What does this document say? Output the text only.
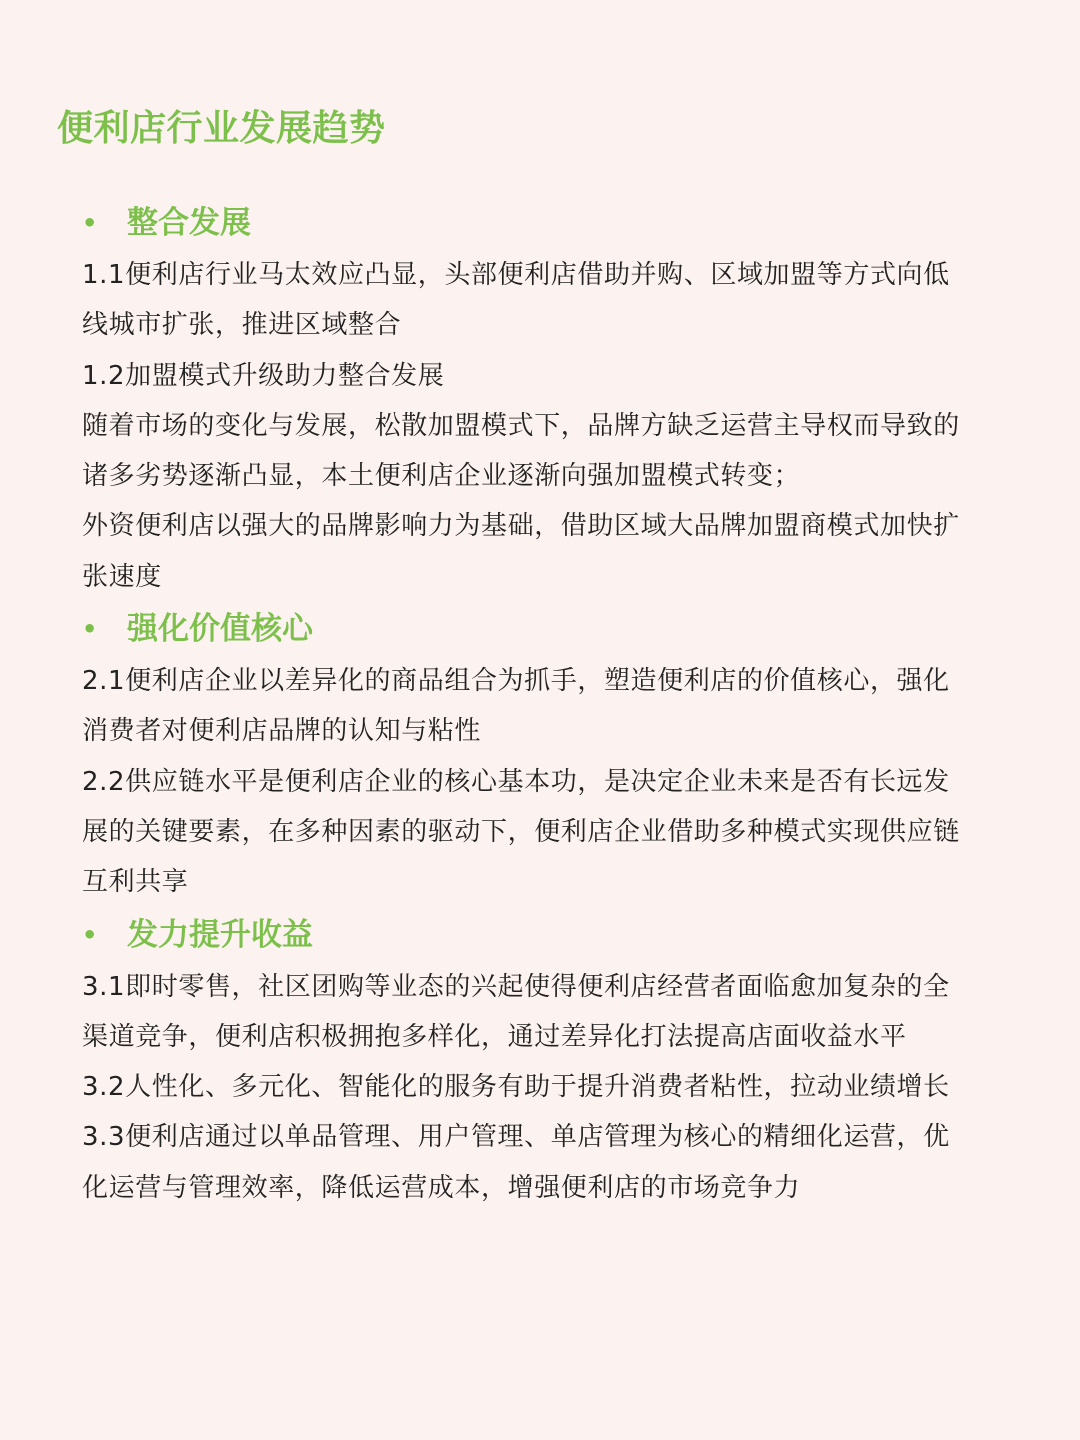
便利店行业发展趋势
• 整合发展

1.1便利店行业马太效应凸显，头部便利店借助并购、区域加盟等方式向低线城市扩张，推进区域整合

1.2加盟模式升级助力整合发展

随着市场的变化与发展，松散加盟模式下，品牌方缺乏运营主导权而导致的诸多劣势逐渐凸显，本土便利店企业逐渐向强加盟模式转变；

外资便利店以强大的品牌影响力为基础，借助区域大品牌加盟商模式加快扩张速度

• 强化价值核心

2.1便利店企业以差异化的商品组合为抓手，塑造便利店的价值核心，强化消费者对便利店品牌的认知与粘性

2.2供应链水平是便利店企业的核心基本功，是决定企业未来是否有长远发展的关键要素，在多种因素的驱动下，便利店企业借助多种模式实现供应链互利共享

• 发力提升收益

3.1即时零售，社区团购等业态的兴起使得便利店经营者面临愈加复杂的全渠道竞争，便利店积极拥抱多样化，通过差异化打法提高店面收益水平

3.2人性化、多元化、智能化的服务有助于提升消费者粘性，拉动业绩增长

3.3便利店通过以单品管理、用户管理、单店管理为核心的精细化运营，优化运营与管理效率，降低运营成本，增强便利店的市场竞争力
